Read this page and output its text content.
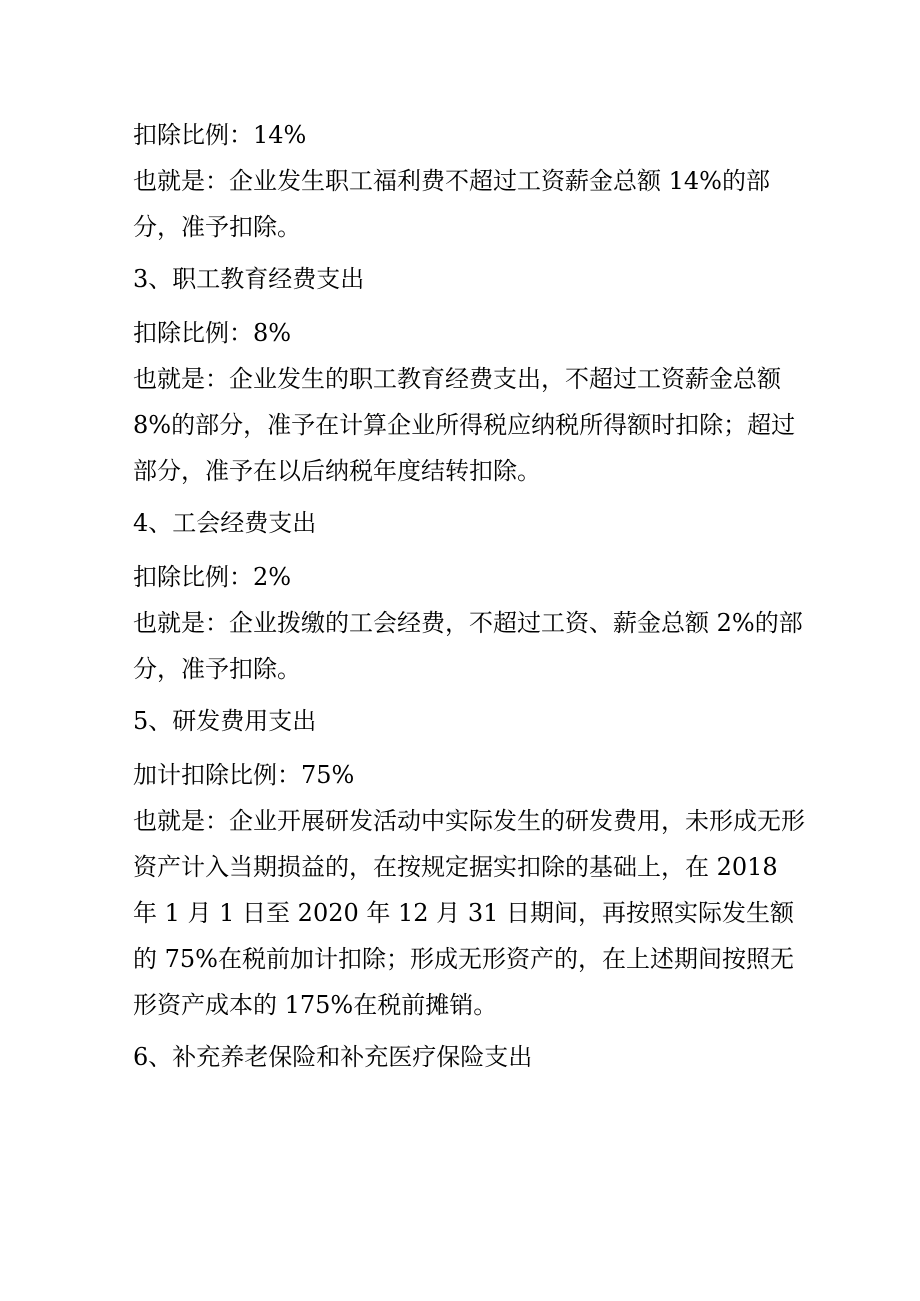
扣除比例：14%

也就是：企业发生职工福利费不超过工资薪金总额 14%的部分，准予扣除。

3、职工教育经费支出

扣除比例：8%

也就是：企业发生的职工教育经费支出，不超过工资薪金总额 8%的部分，准予在计算企业所得税应纳税所得额时扣除；超过部分，准予在以后纳税年度结转扣除。

4、工会经费支出

扣除比例：2%

也就是：企业拨缴的工会经费，不超过工资、薪金总额 2%的部分，准予扣除。

5、研发费用支出

加计扣除比例：75%

也就是：企业开展研发活动中实际发生的研发费用，未形成无形资产计入当期损益的，在按规定据实扣除的基础上，在 2018 年 1 月 1 日至 2020 年 12 月 31 日期间，再按照实际发生额的 75%在税前加计扣除；形成无形资产的，在上述期间按照无形资产成本的 175%在税前摊销。

6、补充养老保险和补充医疗保险支出
